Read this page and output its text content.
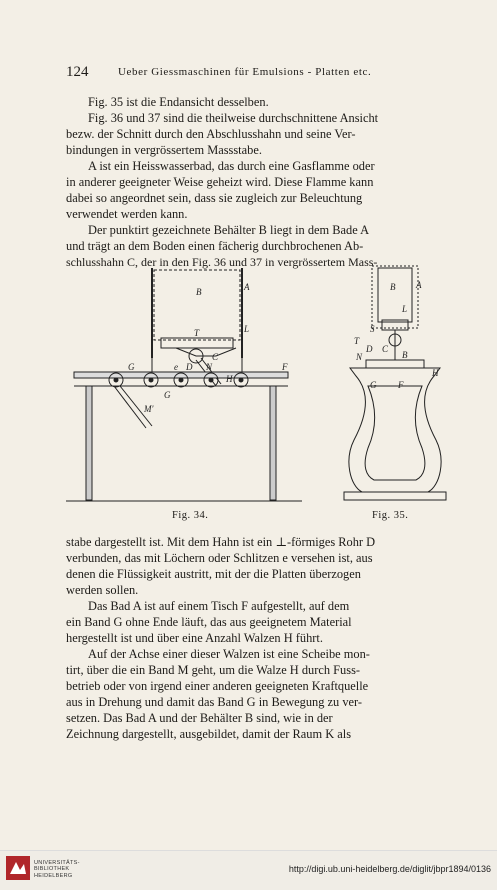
124	Ueber Giessmaschinen für Emulsions - Platten etc.

Fig. 35 ist die Endansicht desselben.

Fig. 36 und 37 sind die theilweise durchschnittene Ansicht

bezw. der Schnitt durch den Abschlusshahn und seine Ver-

bindungen in vergrössertem Massstabe.

A ist ein Heisswasserbad, das durch eine Gasflamme oder

in anderer geeigneter Weise geheizt wird. Diese Flamme kann

dabei so angeordnet sein, dass sie zugleich zur Beleuchtung

verwendet werden kann.

Der punktirt gezeichnete Behälter B liegt in dem Bade A

und trägt an dem Boden einen fächerig durchbrochenen Ab-

schlusshahn C, der in den Fig. 36 und 37 in vergrössertem Mass-

B	A
T	L
C
G
G
M'
F
H
e D N
B A
L
S
T
D C
N	B
G F
H
Fig. 34.	Fig. 35.

stabe dargestellt ist. Mit dem Hahn ist ein ⊥-förmiges Rohr D

verbunden, das mit Löchern oder Schlitzen e versehen ist, aus

denen die Flüssigkeit austritt, mit der die Platten überzogen

werden sollen.

Das Bad A ist auf einem Tisch F aufgestellt, auf dem

ein Band G ohne Ende läuft, das aus geeignetem Material

hergestellt ist und über eine Anzahl Walzen H führt.

Auf der Achse einer dieser Walzen ist eine Scheibe mon-

tirt, über die ein Band M geht, um die Walze H durch Fuss-

betrieb oder von irgend einer anderen geeigneten Kraftquelle

aus in Drehung und damit das Band G in Bewegung zu ver-

setzen. Das Bad A und der Behälter B sind, wie in der

Zeichnung dargestellt, ausgebildet, damit der Raum K als

UNIVERSITÄTS-
BIBLIOTHEK
HEIDELBERG
http://digi.ub.uni-heidelberg.de/diglit/jbpr1894/0136
